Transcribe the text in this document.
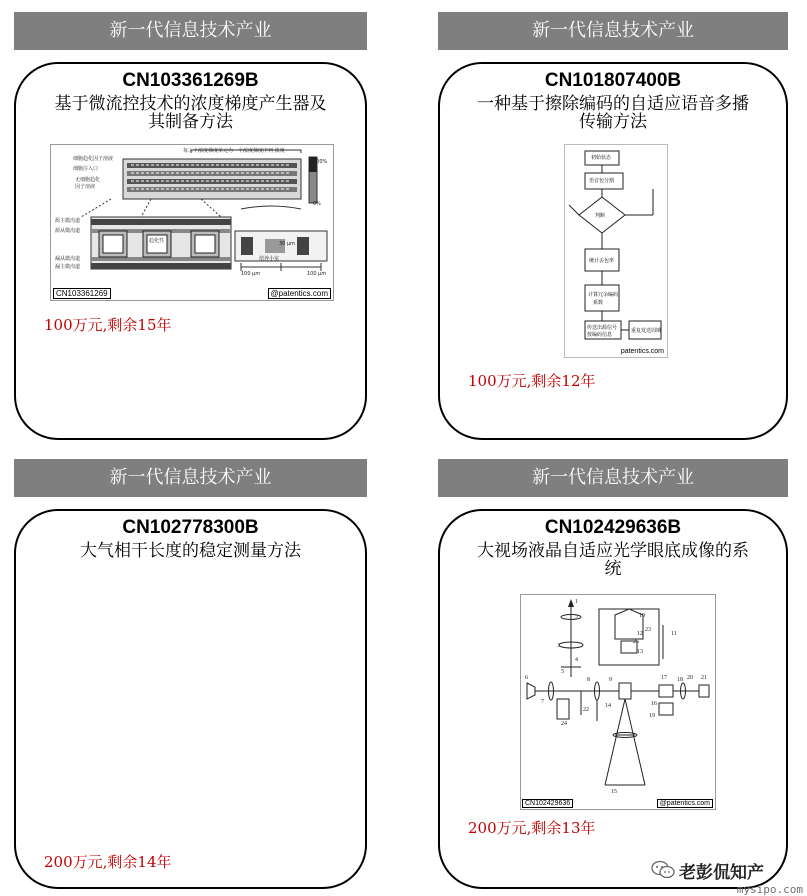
新一代信息技术产业
CN103361269B
基于微流控技术的浓度梯度产生器及
其制备方法
每三个浓度梯度单元为一个浓度梯度序列 浓度
细胞趋化因子溶液
细胞注入口
无细胞趋化
因子溶液
100%
0%
源主微沟道
源从微沟道
漏从微沟道
漏主微沟道
趋化性
培养小室
100 μm
30 μm
100 μm
CN103361269	@patentics.com
100万元,剩余15年
新一代信息技术产业
CN101807400B
一种基于擦除编码的自适应语音多播
传输方法
初始状态
语音包分割
判断
统计丢包率
计算冗余编码
系数
传送出源信号
按编码信息
重复发送周期
patentics.com
100万元,剩余12年
新一代信息技术产业
CN102778300B
大气相干长度的稳定测量方法
200万元,剩余14年
新一代信息技术产业
CN102429636B
大视场液晶自适应光学眼底成像的系
统
1
2
3
4
5
6
7
8	9
10
11
12
13
14
15
16
17 18
19
20 21
22
23
24
25
CN102429636	@patentics.com
200万元,剩余13年
老彭侃知产
mysipo.com
